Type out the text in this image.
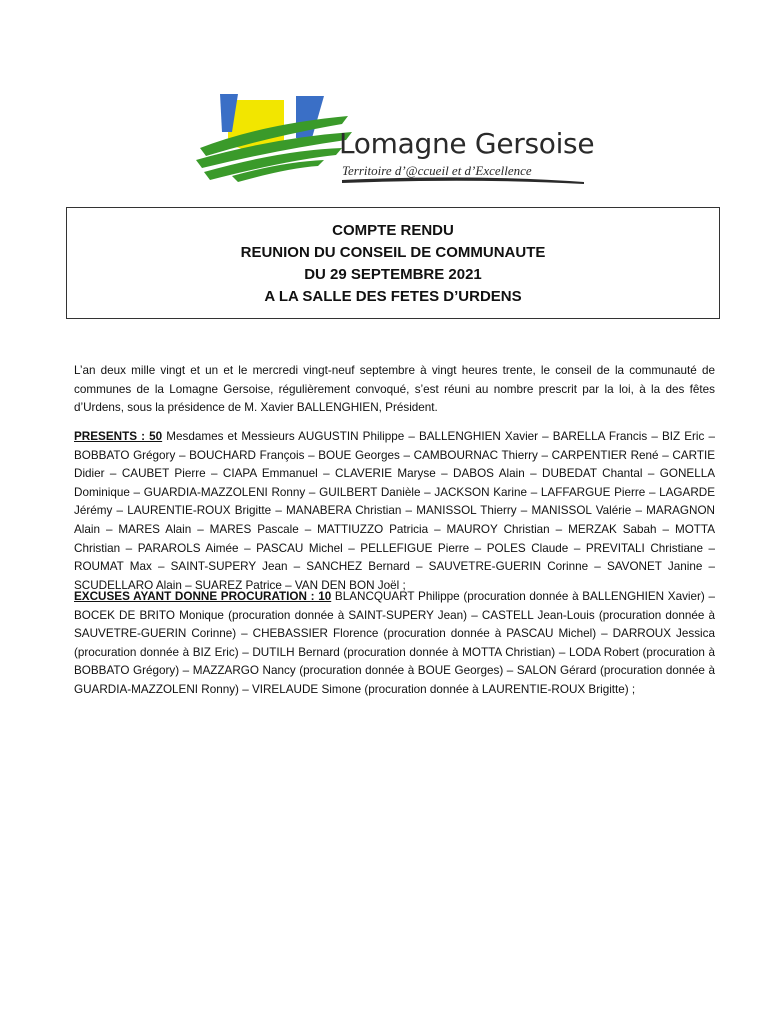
Lomagne Gersoise
Territoire d’@ccueil et d’Excellence
COMPTE RENDU
REUNION DU CONSEIL DE COMMUNAUTE
DU 29 SEPTEMBRE 2021
A LA SALLE DES FETES D’URDENS

L’an deux mille vingt et un et le mercredi vingt-neuf septembre à vingt heures trente, le conseil de la communauté de communes de la Lomagne Gersoise, régulièrement convoqué, s’est réuni au nombre prescrit par la loi, à la des fêtes d’Urdens, sous la présidence de M. Xavier BALLENGHIEN, Président.

PRESENTS : 50 Mesdames et Messieurs AUGUSTIN Philippe – BALLENGHIEN Xavier – BARELLA Francis – BIZ Eric – BOBBATO Grégory – BOUCHARD François – BOUE Georges – CAMBOURNAC Thierry – CARPENTIER René – CARTIE Didier – CAUBET Pierre – CIAPA Emmanuel – CLAVERIE Maryse – DABOS Alain – DUBEDAT Chantal – GONELLA Dominique – GUARDIA-MAZZOLENI Ronny – GUILBERT Danièle – JACKSON Karine – LAFFARGUE Pierre – LAGARDE Jérémy – LAURENTIE-ROUX Brigitte – MANABERA Christian – MANISSOL Thierry – MANISSOL Valérie – MARAGNON Alain – MARES Alain – MARES Pascale – MATTIUZZO Patricia – MAUROY Christian – MERZAK Sabah – MOTTA Christian – PARAROLS Aimée – PASCAU Michel – PELLEFIGUE Pierre – POLES Claude – PREVITALI Christiane – ROUMAT Max – SAINT-SUPERY Jean – SANCHEZ Bernard – SAUVETRE-GUERIN Corinne – SAVONET Janine – SCUDELLARO Alain – SUAREZ Patrice – VAN DEN BON Joël ;

EXCUSES AYANT DONNE PROCURATION : 10 BLANCQUART Philippe (procuration donnée à BALLENGHIEN Xavier) – BOCEK DE BRITO Monique (procuration donnée à SAINT-SUPERY Jean) – CASTELL Jean-Louis (procuration donnée à SAUVETRE-GUERIN Corinne) – CHEBASSIER Florence (procuration donnée à PASCAU Michel) – DARROUX Jessica (procuration donnée à BIZ Eric) – DUTILH Bernard (procuration donnée à MOTTA Christian) – LODA Robert (procuration à BOBBATO Grégory) – MAZZARGO Nancy (procuration donnée à BOUE Georges) – SALON Gérard (procuration donnée à GUARDIA-MAZZOLENI Ronny) – VIRELAUDE Simone (procuration donnée à LAURENTIE-ROUX Brigitte) ;
